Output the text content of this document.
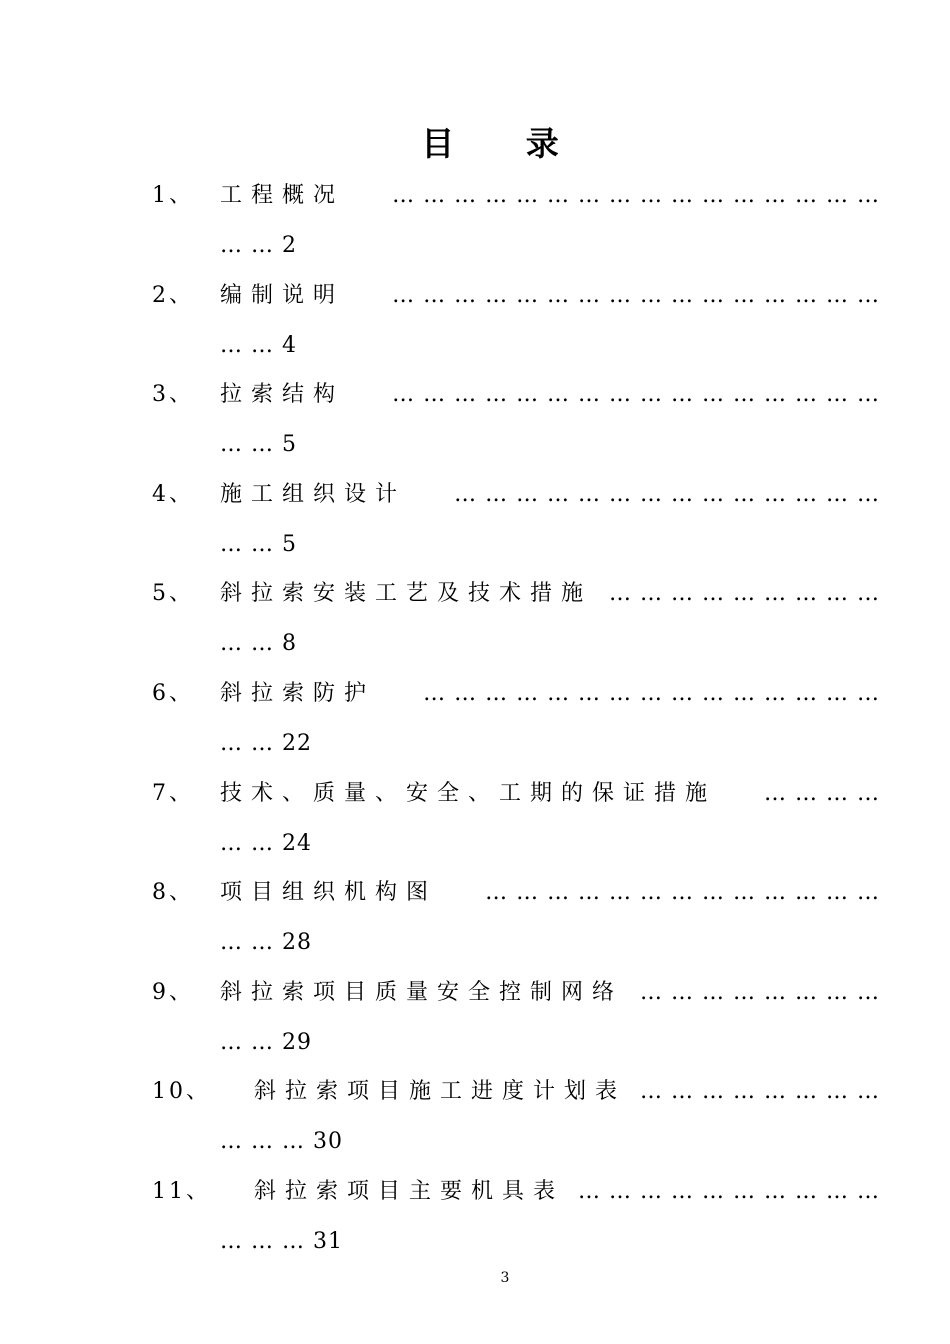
目 录
1、 工程概况 … … … … … … … … … … … … … … … …
… … 2
2、 编制说明 … … … … … … … … … … … … … … … …
… … 4
3、 拉索结构 … … … … … … … … … … … … … … … …
… … 5
4、 施工组织设计 … … … … … … … … … … … … … …
… … 5
5、 斜拉索安装工艺及技术措施 … … … … … … … … …
… … 8
6、 斜拉索防护 … … … … … … … … … … … … … … …
… … 22
7、 技术、质量、安全、工期的保证措施 … … … …
… … 24
8、 项目组织机构图 … … … … … … … … … … … … …
… … 28
9、 斜拉索项目质量安全控制网络 … … … … … … … …
… … 29
10、 斜拉索项目施工进度计划表 … … … … … … … …
… … … 30
11、 斜拉索项目主要机具表 … … … … … … … … … …
… … … 31
3
